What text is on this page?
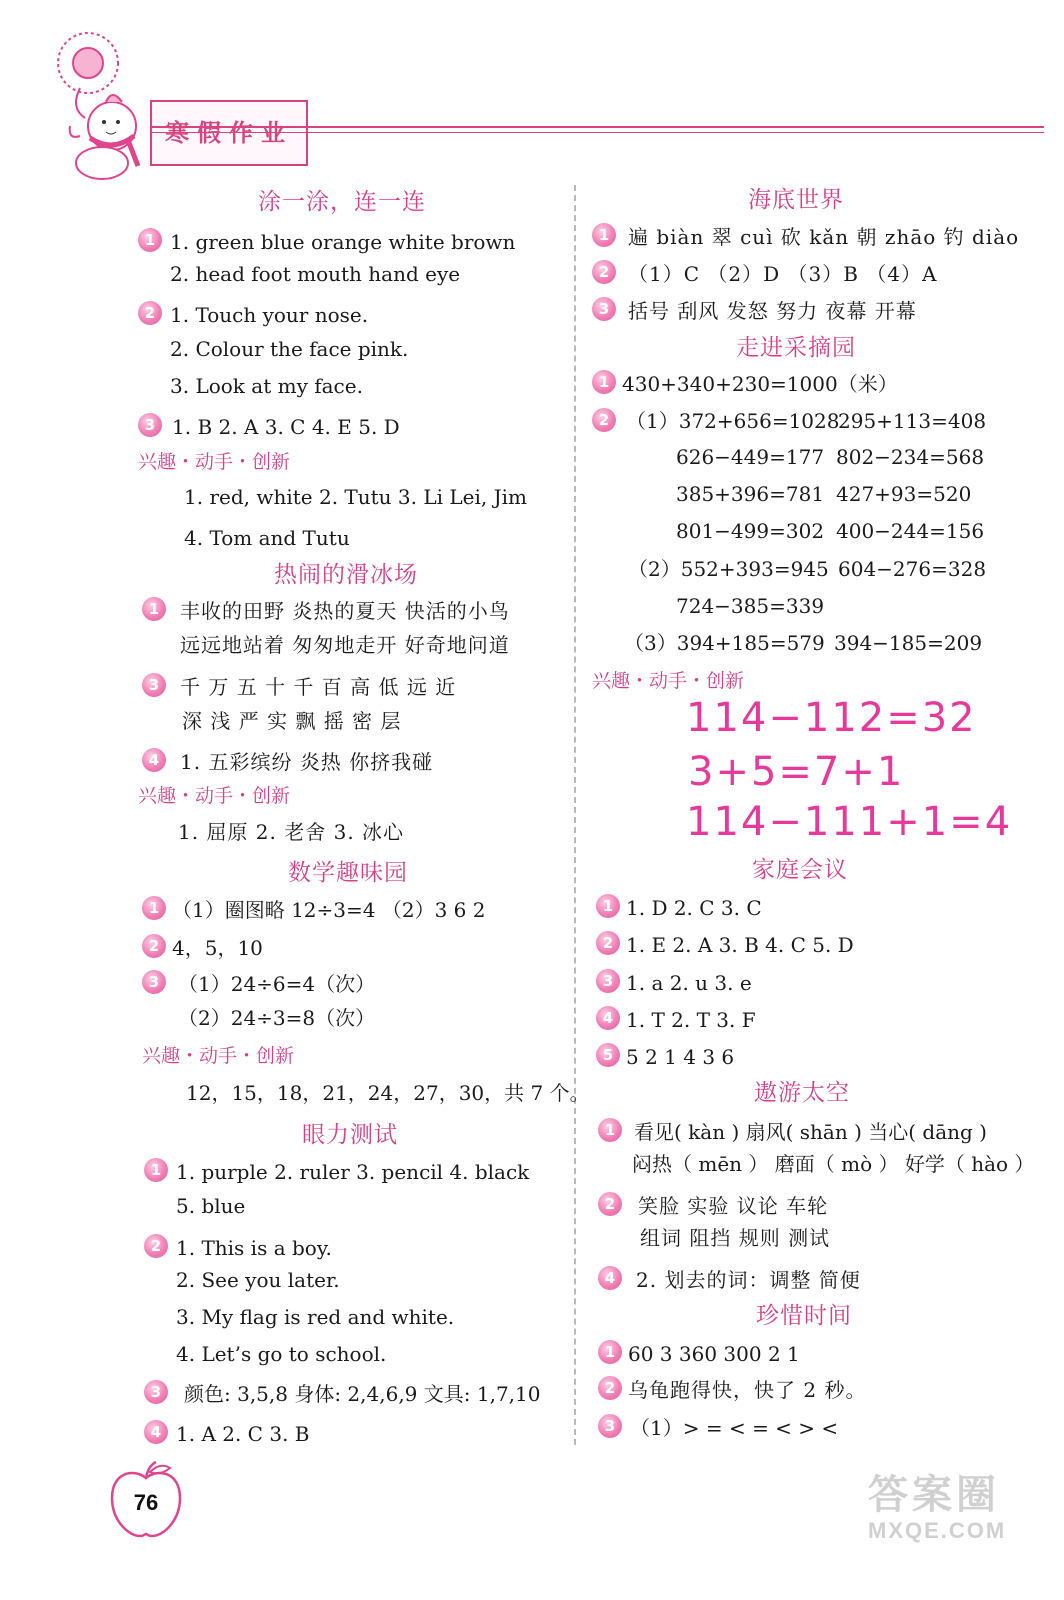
寒假作业
涂一涂，连一连
1 1. green blue orange white brown
2. head foot mouth hand eye
2 1. Touch your nose.
2. Colour the face pink.
3. Look at my face.
3 1. B 2. A 3. C 4. E 5. D
兴趣・动手・创新
1. red, white 2. Tutu 3. Li Lei, Jim
4. Tom and Tutu
热闹的滑冰场
1	丰收的田野 炎热的夏天 快活的小鸟
远远地站着 匆匆地走开 好奇地问道
3	千 万 五 十 千 百 高 低 远 近
深 浅 严 实 飘 摇 密 层
4	1. 五彩缤纷 炎热 你挤我碰
兴趣・动手・创新
1. 屈原 2. 老舍 3. 冰心
数学趣味园
1 （1）圈图略 12÷3=4 （2）3 6 2
2 4，5，10
3 （1）24÷6=4（次）
（2）24÷3=8（次）
兴趣・动手・创新
12，15，18，21，24，27，30，共 7 个。
眼力测试
1 1. purple 2. ruler 3. pencil 4. black
5. blue
2 1. This is a boy.
2. See you later.
3. My flag is red and white.
4. Let’s go to school.
3	颜色: 3,5,8 身体: 2,4,6,9 文具: 1,7,10
4 1. A 2. C 3. B
海底世界
1 遍 biàn 翠 cuì 砍 kǎn 朝 zhāo 钓 diào
2 （1）C （2）D （3）B （4）A
3 括号 刮风 发怒 努力 夜幕 开幕
走进采摘园
1 430+340+230=1000（米）
2 （1）372+656=1028
295+113=408
626−449=177 802−234=568
385+396=781 427+93=520
801−499=302 400−244=156
（2）552+393=945 604−276=328
724−385=339
（3）394+185=579 394−185=209
兴趣・动手・创新
114−112=32
3+5=7+1
114−111+1=4
家庭会议
1 1. D 2. C 3. C
2 1. E 2. A 3. B 4. C 5. D
3 1. a 2. u 3. e
4 1. T 2. T 3. F
5 5 2 1 4 3 6
遨游太空
1 看见( kàn ) 扇风( shān ) 当心( dāng )
闷热（ mēn ） 磨面（ mò ） 好学（ hào ）
2	笑脸 实验 议论 车轮
组词 阻挡 规则 测试
4	2. 划去的词：调整 简便
珍惜时间
1 60 3 360 300 2 1
2 乌龟跑得快，快了 2 秒。
3 （1）> = < = < > <
76	答案圈
MXQE.COM
